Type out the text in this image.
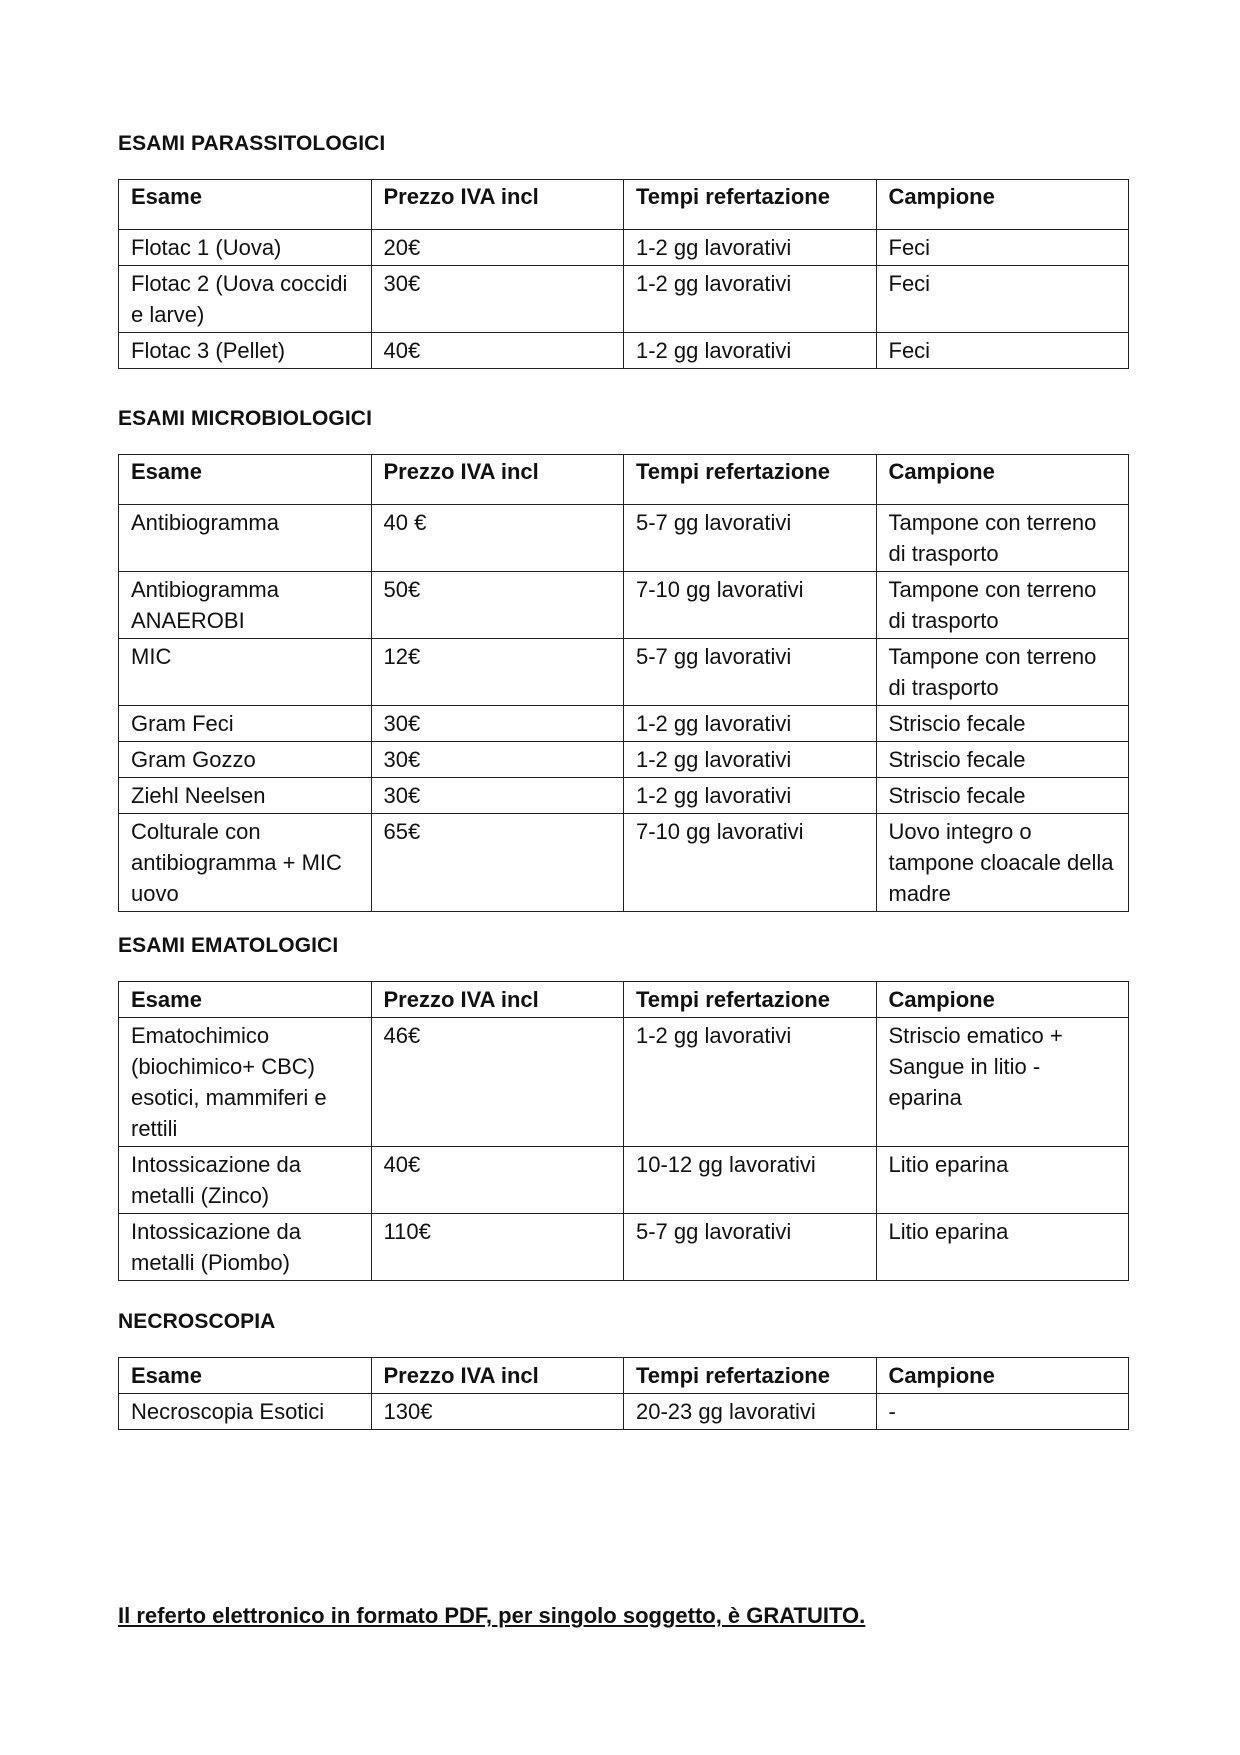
ESAMI PARASSITOLOGICI
Esame	Prezzo IVA incl	Tempi refertazione	Campione
Flotac 1 (Uova)	20€	1-2 gg lavorativi	Feci
Flotac 2 (Uova coccidi e larve)	30€	1-2 gg lavorativi	Feci
Flotac 3 (Pellet)	40€	1-2 gg lavorativi	Feci
ESAMI MICROBIOLOGICI
Esame	Prezzo IVA incl	Tempi refertazione	Campione
Antibiogramma	40 €	5-7 gg lavorativi	Tampone con terreno di trasporto
Antibiogramma ANAEROBI	50€	7-10 gg lavorativi	Tampone con terreno di trasporto
MIC	12€	5-7 gg lavorativi	Tampone con terreno di trasporto
Gram Feci	30€	1-2 gg lavorativi	Striscio fecale
Gram Gozzo	30€	1-2 gg lavorativi	Striscio fecale
Ziehl Neelsen	30€	1-2 gg lavorativi	Striscio fecale
Colturale con antibiogramma + MIC uovo	65€	7-10 gg lavorativi	Uovo integro o tampone cloacale della madre
ESAMI EMATOLOGICI
Esame	Prezzo IVA incl	Tempi refertazione	Campione
Ematochimico (biochimico+ CBC) esotici, mammiferi e rettili	46€	1-2 gg lavorativi	Striscio ematico + Sangue in litio - eparina
Intossicazione da metalli (Zinco)	40€	10-12 gg lavorativi	Litio eparina
Intossicazione da metalli (Piombo)	110€	5-7 gg lavorativi	Litio eparina
NECROSCOPIA
Esame	Prezzo IVA incl	Tempi refertazione	Campione
Necroscopia Esotici	130€	20-23 gg lavorativi	-

Il referto elettronico in formato PDF, per singolo soggetto, è GRATUITO.
